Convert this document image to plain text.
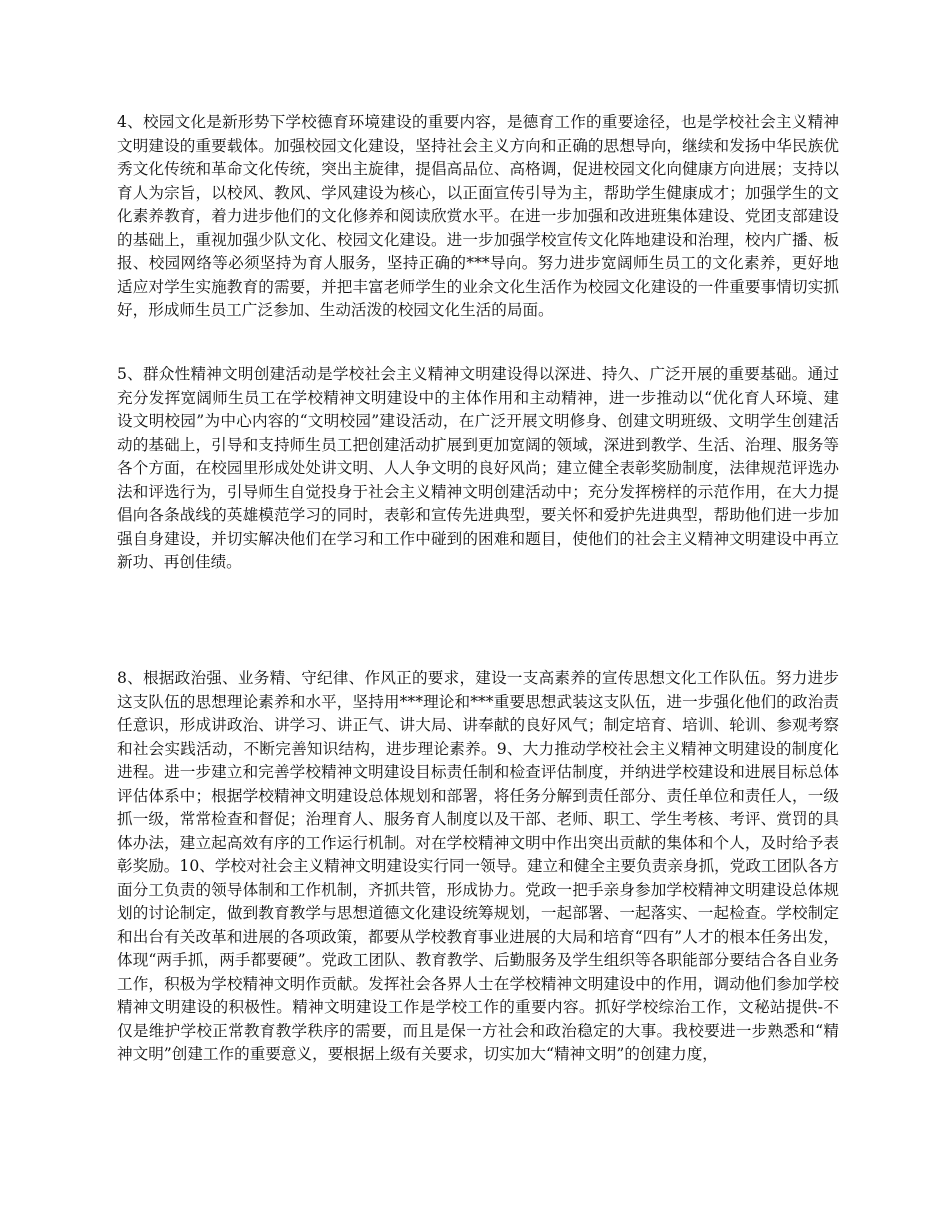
4、校园文化是新形势下学校德育环境建设的重要内容，是德育工作的重要途径，也是学校社会主义精神文明建设的重要载体。加强校园文化建设，坚持社会主义方向和正确的思想导向，继续和发扬中华民族优秀文化传统和革命文化传统，突出主旋律，提倡高品位、高格调，促进校园文化向健康方向进展；支持以育人为宗旨，以校风、教风、学风建设为核心，以正面宣传引导为主，帮助学生健康成才；加强学生的文化素养教育，着力进步他们的文化修养和阅读欣赏水平。在进一步加强和改进班集体建设、党团支部建设的基础上，重视加强少队文化、校园文化建设。进一步加强学校宣传文化阵地建设和治理，校内广播、板报、校园网络等必须坚持为育人服务，坚持正确的***导向。努力进步宽阔师生员工的文化素养，更好地适应对学生实施教育的需要，并把丰富老师学生的业余文化生活作为校园文化建设的一件重要事情切实抓好，形成师生员工广泛参加、生动活泼的校园文化生活的局面。

5、群众性精神文明创建活动是学校社会主义精神文明建设得以深进、持久、广泛开展的重要基础。通过充分发挥宽阔师生员工在学校精神文明建设中的主体作用和主动精神，进一步推动以“优化育人环境、建设文明校园”为中心内容的“文明校园”建设活动，在广泛开展文明修身、创建文明班级、文明学生创建活动的基础上，引导和支持师生员工把创建活动扩展到更加宽阔的领域，深进到教学、生活、治理、服务等各个方面，在校园里形成处处讲文明、人人争文明的良好风尚；建立健全表彰奖励制度，法律规范评选办法和评选行为，引导师生自觉投身于社会主义精神文明创建活动中；充分发挥榜样的示范作用，在大力提倡向各条战线的英雄模范学习的同时，表彰和宣传先进典型，要关怀和爱护先进典型，帮助他们进一步加强自身建设，并切实解决他们在学习和工作中碰到的困难和题目，使他们的社会主义精神文明建设中再立新功、再创佳绩。

8、根据政治强、业务精、守纪律、作风正的要求，建设一支高素养的宣传思想文化工作队伍。努力进步这支队伍的思想理论素养和水平，坚持用***理论和***重要思想武装这支队伍，进一步强化他们的政治责任意识，形成讲政治、讲学习、讲正气、讲大局、讲奉献的良好风气；制定培育、培训、轮训、参观考察和社会实践活动，不断完善知识结构，进步理论素养。9、大力推动学校社会主义精神文明建设的制度化进程。进一步建立和完善学校精神文明建设目标责任制和检查评估制度，并纳进学校建设和进展目标总体评估体系中；根据学校精神文明建设总体规划和部署，将任务分解到责任部分、责任单位和责任人，一级抓一级，常常检查和督促；治理育人、服务育人制度以及干部、老师、职工、学生考核、考评、赏罚的具体办法，建立起高效有序的工作运行机制。对在学校精神文明中作出突出贡献的集体和个人，及时给予表彰奖励。10、学校对社会主义精神文明建设实行同一领导。建立和健全主要负责亲身抓，党政工团队各方面分工负责的领导体制和工作机制，齐抓共管，形成协力。党政一把手亲身参加学校精神文明建设总体规划的讨论制定，做到教育教学与思想道德文化建设统筹规划，一起部署、一起落实、一起检查。学校制定和出台有关改革和进展的各项政策，都要从学校教育事业进展的大局和培育“四有”人才的根本任务出发，体现“两手抓，两手都要硬”。党政工团队、教育教学、后勤服务及学生组织等各职能部分要结合各自业务工作，积极为学校精神文明作贡献。发挥社会各界人士在学校精神文明建设中的作用，调动他们参加学校精神文明建设的积极性。精神文明建设工作是学校工作的重要内容。抓好学校综治工作，文秘站提供-不仅是维护学校正常教育教学秩序的需要，而且是保一方社会和政治稳定的大事。我校要进一步熟悉和“精神文明”创建工作的重要意义，要根据上级有关要求，切实加大“精神文明”的创建力度，
